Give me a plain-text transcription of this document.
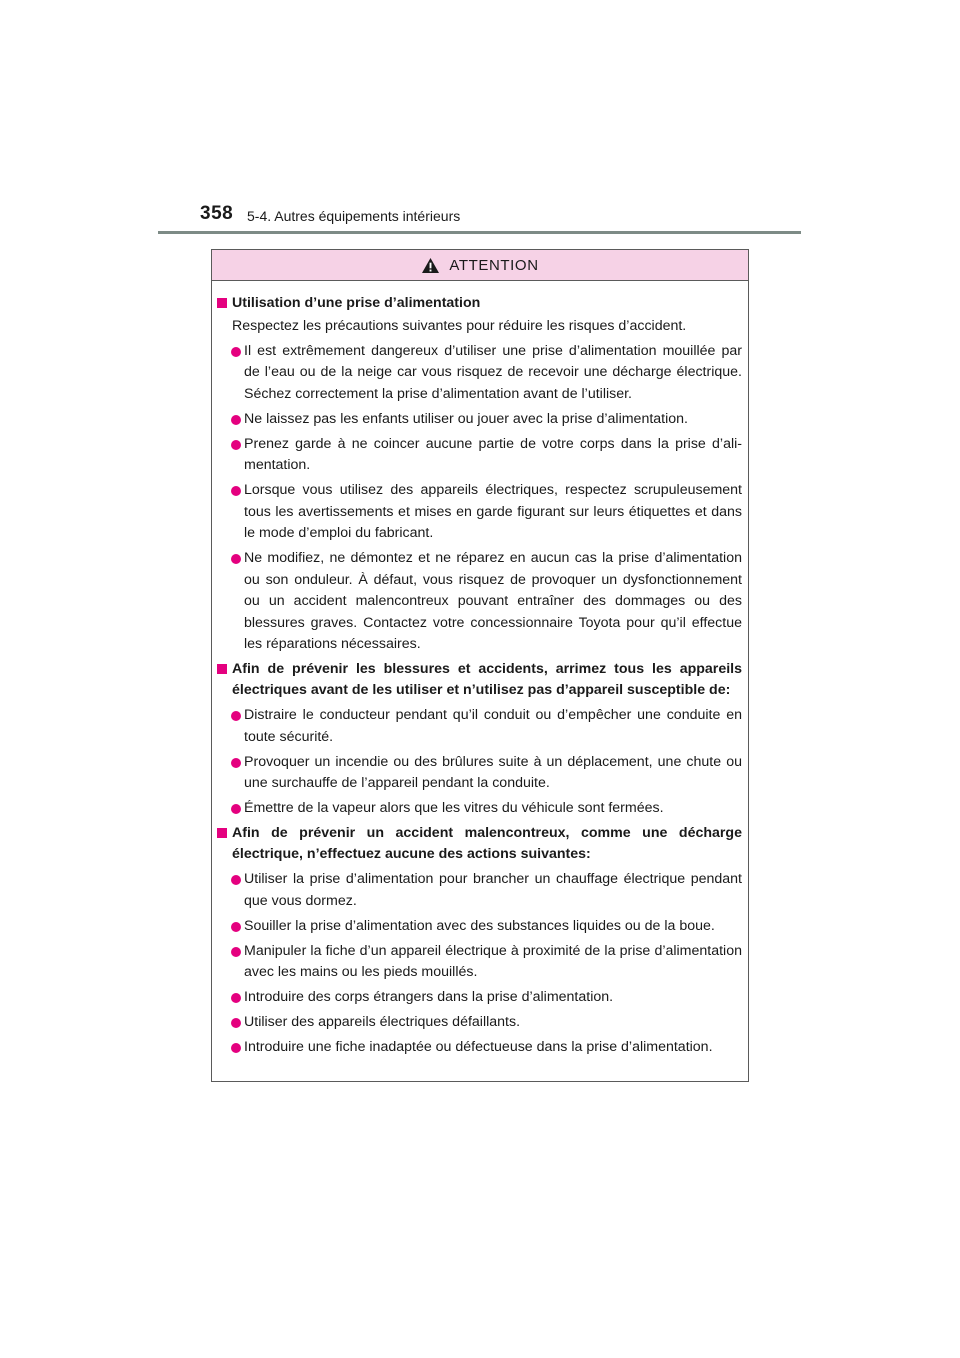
358 5-4. Autres équipements intérieurs
ATTENTION
Utilisation d’une prise d’alimentation
Respectez les précautions suivantes pour réduire les risques d’accident.
Il est extrêmement dangereux d’utiliser une prise d’alimentation mouillée par de l’eau ou de la neige car vous risquez de recevoir une décharge électrique. Séchez correctement la prise d’alimentation avant de l’utiliser.
Ne laissez pas les enfants utiliser ou jouer avec la prise d’alimentation.
Prenez garde à ne coincer aucune partie de votre corps dans la prise d’alimentation.
Lorsque vous utilisez des appareils électriques, respectez scrupuleusement tous les avertissements et mises en garde figurant sur leurs étiquettes et dans le mode d’emploi du fabricant.
Ne modifiez, ne démontez et ne réparez en aucun cas la prise d’alimentation ou son onduleur. À défaut, vous risquez de provoquer un dysfonctionnement ou un accident malencontreux pouvant entraîner des dommages ou des blessures graves. Contactez votre concessionnaire Toyota pour qu’il effectue les réparations nécessaires.
Afin de prévenir les blessures et accidents, arrimez tous les appareils électriques avant de les utiliser et n’utilisez pas d’appareil susceptible de:
Distraire le conducteur pendant qu’il conduit ou d’empêcher une conduite en toute sécurité.
Provoquer un incendie ou des brûlures suite à un déplacement, une chute ou une surchauffe de l’appareil pendant la conduite.
Émettre de la vapeur alors que les vitres du véhicule sont fermées.
Afin de prévenir un accident malencontreux, comme une décharge électrique, n’effectuez aucune des actions suivantes:
Utiliser la prise d’alimentation pour brancher un chauffage électrique pendant que vous dormez.
Souiller la prise d’alimentation avec des substances liquides ou de la boue.
Manipuler la fiche d’un appareil électrique à proximité de la prise d’alimentation avec les mains ou les pieds mouillés.
Introduire des corps étrangers dans la prise d’alimentation.
Utiliser des appareils électriques défaillants.
Introduire une fiche inadaptée ou défectueuse dans la prise d’alimentation.
